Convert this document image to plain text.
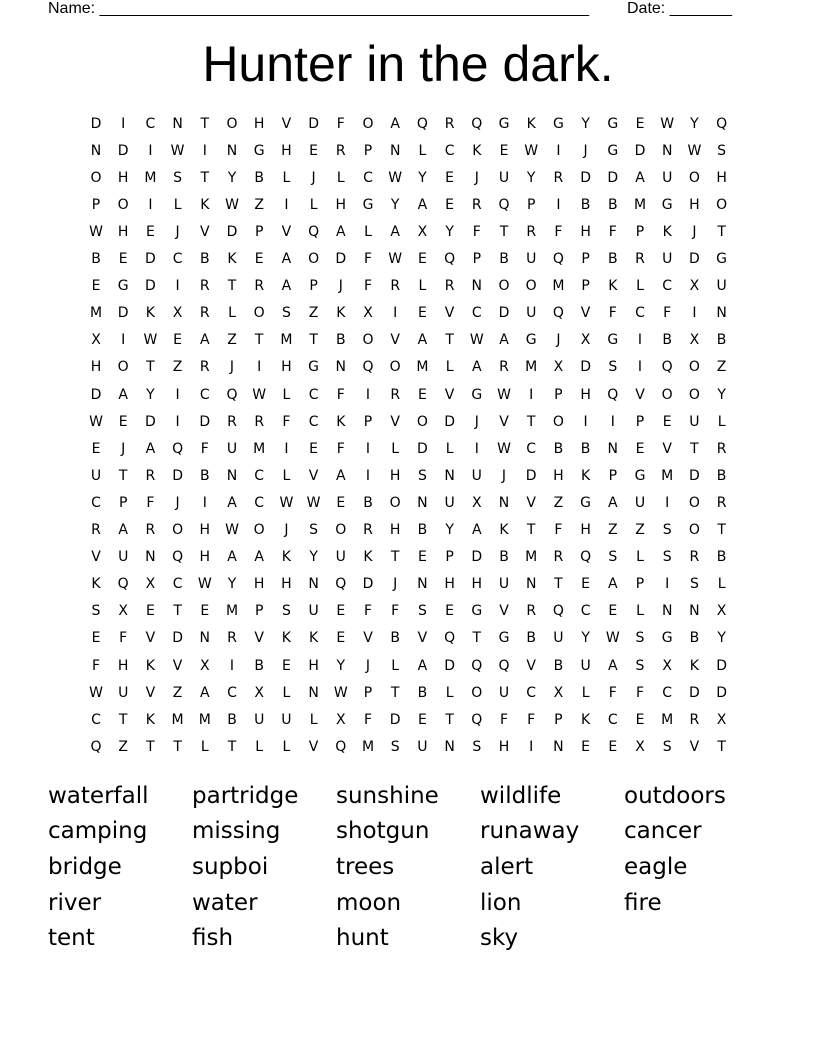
Name: _______________________________________________________ Date: _______
Hunter in the dark.
D	I	C	N	T	O	H	V	D	F	O	A	Q	R	Q	G	K	G	Y	G	E	W	Y	Q
N	D	I	W	I	N	G	H	E	R	P	N	L	C	K	E	W	I	J	G	D	N	W	S
O	H	M	S	T	Y	B	L	J	L	C	W	Y	E	J	U	Y	R	D	D	A	U	O	H
P	O	I	L	K	W	Z	I	L	H	G	Y	A	E	R	Q	P	I	B	B	M	G	H	O
W	H	E	J	V	D	P	V	Q	A	L	A	X	Y	F	T	R	F	H	F	P	K	J	T
B	E	D	C	B	K	E	A	O	D	F	W	E	Q	P	B	U	Q	P	B	R	U	D	G
E	G	D	I	R	T	R	A	P	J	F	R	L	R	N	O	O	M	P	K	L	C	X	U
M	D	K	X	R	L	O	S	Z	K	X	I	E	V	C	D	U	Q	V	F	C	F	I	N
X	I	W	E	A	Z	T	M	T	B	O	V	A	T	W	A	G	J	X	G	I	B	X	B
H	O	T	Z	R	J	I	H	G	N	Q	O	M	L	A	R	M	X	D	S	I	Q	O	Z
D	A	Y	I	C	Q	W	L	C	F	I	R	E	V	G	W	I	P	H	Q	V	O	O	Y
W	E	D	I	D	R	R	F	C	K	P	V	O	D	J	V	T	O	I	I	P	E	U	L
E	J	A	Q	F	U	M	I	E	F	I	L	D	L	I	W	C	B	B	N	E	V	T	R
U	T	R	D	B	N	C	L	V	A	I	H	S	N	U	J	D	H	K	P	G	M	D	B
C	P	F	J	I	A	C	W W	E	B	O	N	U	X	N	V	Z	G	A	U	I	O	R
R	A	R	O	H	W	O	J	S	O	R	H	B	Y	A	K	T	F	H	Z	Z	S	O	T
V	U	N	Q	H	A	A	K	Y	U	K	T	E	P	D	B	M	R	Q	S	L	S	R	B
K	Q	X	C	W	Y	H	H	N	Q	D	J	N	H	H	U	N	T	E	A	P	I	S	L
S	X	E	T	E	M	P	S	U	E	F	F	S	E	G	V	R	Q	C	E	L	N	N	X
E	F	V	D	N	R	V	K	K	E	V	B	V	Q	T	G	B	U	Y	W	S	G	B	Y
F	H	K	V	X	I	B	E	H	Y	J	L	A	D	Q	Q	V	B	U	A	S	X	K	D
W	U	V	Z	A	C	X	L	N	W	P	T	B	L	O	U	C	X	L	F	F	C	D	D
C	T	K	M	M	B	U	U	L	X	F	D	E	T	Q	F	F	P	K	C	E	M	R	X
Q	Z	T	T	L	T	L	L	V	Q	M	S	U	N	S	H	I	N	E	E	X	S	V	T
waterfall partridge sunshine wildlife	outdoors
camping missing shotgun runaway cancer
bridge	supboi	trees	alert	eagle
river	water	moon	lion	fire
tent	fish	hunt	sky
